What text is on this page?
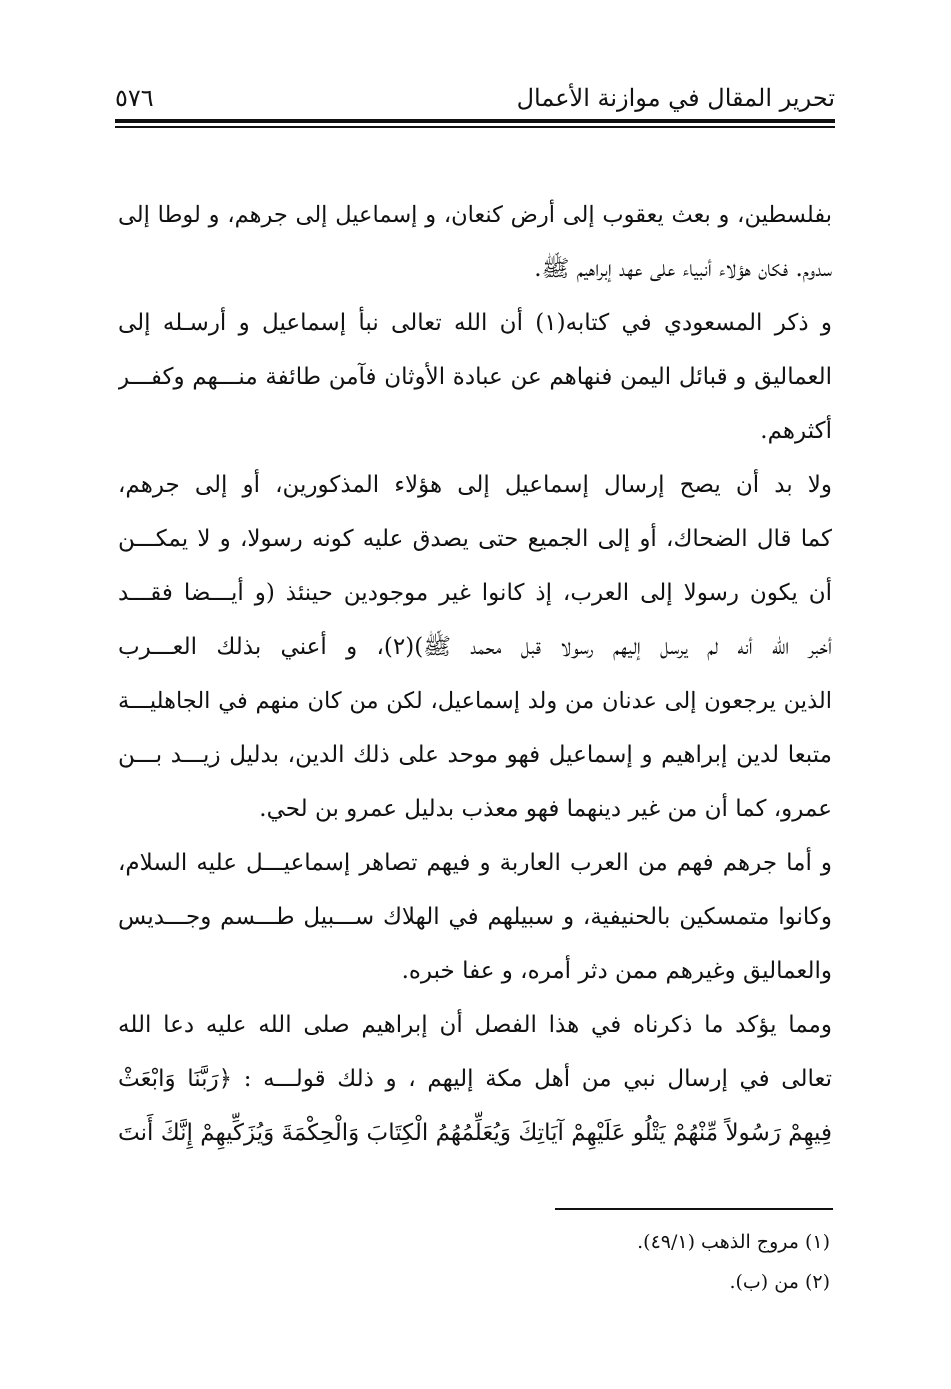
تحرير المقال في موازنة الأعمال
٥٧٦
بفلسطين، و بعث يعقوب إلى أرض كنعان، و إسماعيل إلى جرهم، و لوطا إلى
سدوم. فكان هؤلاء أنبياء على عهد إبراهيم ﷺ.
و ذكر المسعودي في كتابه(١) أن الله تعالى نبأ إسماعيل و أرسـله إلى
العماليق و قبائل اليمن فنهاهم عن عبادة الأوثان فآمن طائفة منـــهم وكفـــر
أكثرهم.
ولا بد أن يصح إرسال إسماعيل إلى هؤلاء المذكورين، أو إلى جرهم،
كما قال الضحاك، أو إلى الجميع حتى يصدق عليه كونه رسولا، و لا يمكـــن
أن يكون رسولا إلى العرب، إذ كانوا غير موجودين حينئذ (و أيـــضا فقـــد
أخبر الله أنه لم يرسل إليهم رسولا قبل محمد ﷺ)(٢)، و أعني بذلك العـــرب
الذين يرجعون إلى عدنان من ولد إسماعيل، لكن من كان منهم في الجاهليـــة
متبعا لدين إبراهيم و إسماعيل فهو موحد على ذلك الدين، بدليل زيـــد بـــن
عمرو، كما أن من غير دينهما فهو معذب بدليل عمرو بن لحي.
و أما جرهم فهم من العرب العاربة و فيهم تصاهر إسماعيـــل عليه السلام،
وكانوا متمسكين بالحنيفية، و سبيلهم في الهلاك ســـبيل طـــسم وجـــديس
والعماليق وغيرهم ممن دثر أمره، و عفا خبره.
ومما يؤكد ما ذكرناه في هذا الفصل أن إبراهيم صلى الله عليه دعا الله
تعالى في إرسال نبي من أهل مكة إليهم ، و ذلك قولـــه : ﴿رَبَّنَا وَابْعَثْ
فِيهِمْ رَسُولاً مِّنْهُمْ يَتْلُو عَلَيْهِمْ آيَاتِكَ وَيُعَلِّمُهُمُ الْكِتَابَ وَالْحِكْمَةَ وَيُزَكِّيهِمْ إِنَّكَ أَنتَ
(١) مروج الذهب (٤٩/١).
(٢) من (ب).
